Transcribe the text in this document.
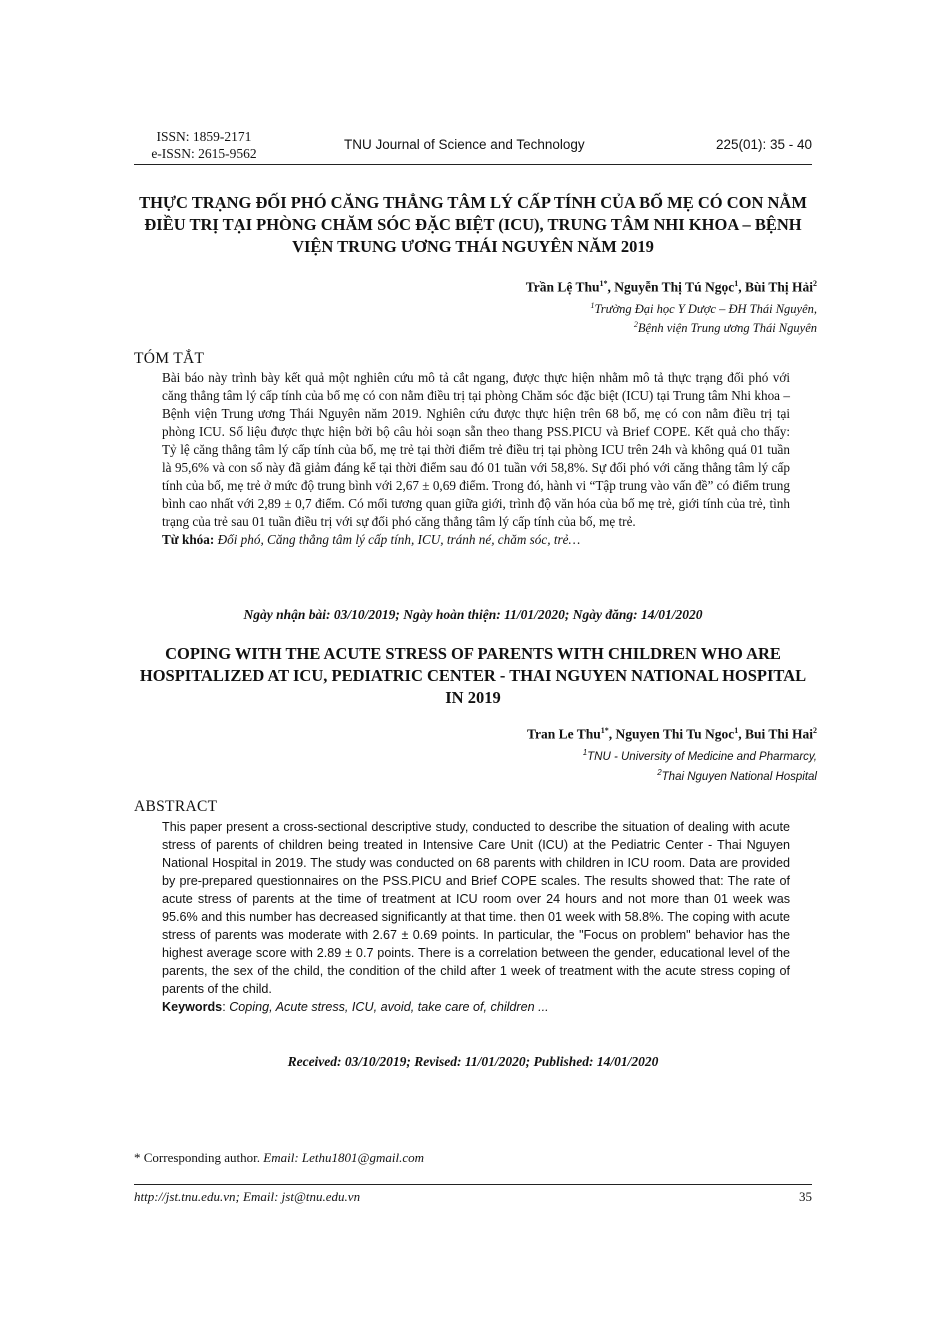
ISSN: 1859-2171
e-ISSN: 2615-9562
TNU Journal of Science and Technology	225(01): 35 - 40
THỰC TRẠNG ĐỐI PHÓ CĂNG THẲNG TÂM LÝ CẤP TÍNH CỦA BỐ MẸ CÓ CON NẰM ĐIỀU TRỊ TẠI PHÒNG CHĂM SÓC ĐẶC BIỆT (ICU), TRUNG TÂM NHI KHOA – BỆNH VIỆN TRUNG ƯƠNG THÁI NGUYÊN NĂM 2019
Trần Lệ Thu$^{1*}$, Nguyễn Thị Tú Ngọc$^1$, Bùi Thị Hải$^2$
$^1$Trường Đại học Y Dược – ĐH Thái Nguyên,
$^2$Bệnh viện Trung ương Thái Nguyên
TÓM TẮT
Bài báo này trình bày kết quả một nghiên cứu mô tả cắt ngang, được thực hiện nhằm mô tả thực trạng đối phó với căng thẳng tâm lý cấp tính của bố mẹ có con nằm điều trị tại phòng Chăm sóc đặc biệt (ICU) tại Trung tâm Nhi khoa – Bệnh viện Trung ương Thái Nguyên năm 2019. Nghiên cứu được thực hiện trên 68 bố, mẹ có con nằm điều trị tại phòng ICU. Số liệu được thực hiện bởi bộ câu hỏi soạn sẵn theo thang PSS.PICU và Brief COPE. Kết quả cho thấy: Tỷ lệ căng thẳng tâm lý cấp tính của bố, mẹ trẻ tại thời điểm trẻ điều trị tại phòng ICU trên 24h và không quá 01 tuần là 95,6% và con số này đã giảm đáng kể tại thời điểm sau đó 01 tuần với 58,8%. Sự đối phó với căng thẳng tâm lý cấp tính của bố, mẹ trẻ ở mức độ trung bình với 2,67 ± 0,69 điểm. Trong đó, hành vi “Tập trung vào vấn đề” có điểm trung bình cao nhất với 2,89 ± 0,7 điểm. Có mối tương quan giữa giới, trình độ văn hóa của bố mẹ trẻ, giới tính của trẻ, tình trạng của trẻ sau 01 tuần điều trị với sự đối phó căng thẳng tâm lý cấp tính của bố, mẹ trẻ.
Từ khóa: Đối phó, Căng thẳng tâm lý cấp tính, ICU, tránh né, chăm sóc, trẻ…
Ngày nhận bài: 03/10/2019; Ngày hoàn thiện: 11/01/2020; Ngày đăng: 14/01/2020
COPING WITH THE ACUTE STRESS OF PARENTS WITH CHILDREN WHO ARE HOSPITALIZED AT ICU, PEDIATRIC CENTER - THAI NGUYEN NATIONAL HOSPITAL IN 2019
Tran Le Thu$^{1*}$, Nguyen Thi Tu Ngoc$^1$, Bui Thi Hai$^2$
$^1$TNU - University of Medicine and Pharmarcy,
$^2$Thai Nguyen National Hospital
ABSTRACT
This paper present a cross-sectional descriptive study, conducted to describe the situation of dealing with acute stress of parents of children being treated in Intensive Care Unit (ICU) at the Pediatric Center - Thai Nguyen National Hospital in 2019. The study was conducted on 68 parents with children in ICU room. Data are provided by pre-prepared questionnaires on the PSS.PICU and Brief COPE scales. The results showed that: The rate of acute stress of parents at the time of treatment at ICU room over 24 hours and not more than 01 week was 95.6% and this number has decreased significantly at that time. then 01 week with 58.8%. The coping with acute stress of parents was moderate with 2.67 ± 0.69 points. In particular, the "Focus on problem" behavior has the highest average score with 2.89 ± 0.7 points. There is a correlation between the gender, educational level of the parents, the sex of the child, the condition of the child after 1 week of treatment with the acute stress coping of parents of the child.
Keywords: Coping, Acute stress, ICU, avoid, take care of, children ...
Received: 03/10/2019; Revised: 11/01/2020; Published: 14/01/2020
* Corresponding author. Email: Lethu1801@gmail.com
http://jst.tnu.edu.vn; Email: jst@tnu.edu.vn	35
